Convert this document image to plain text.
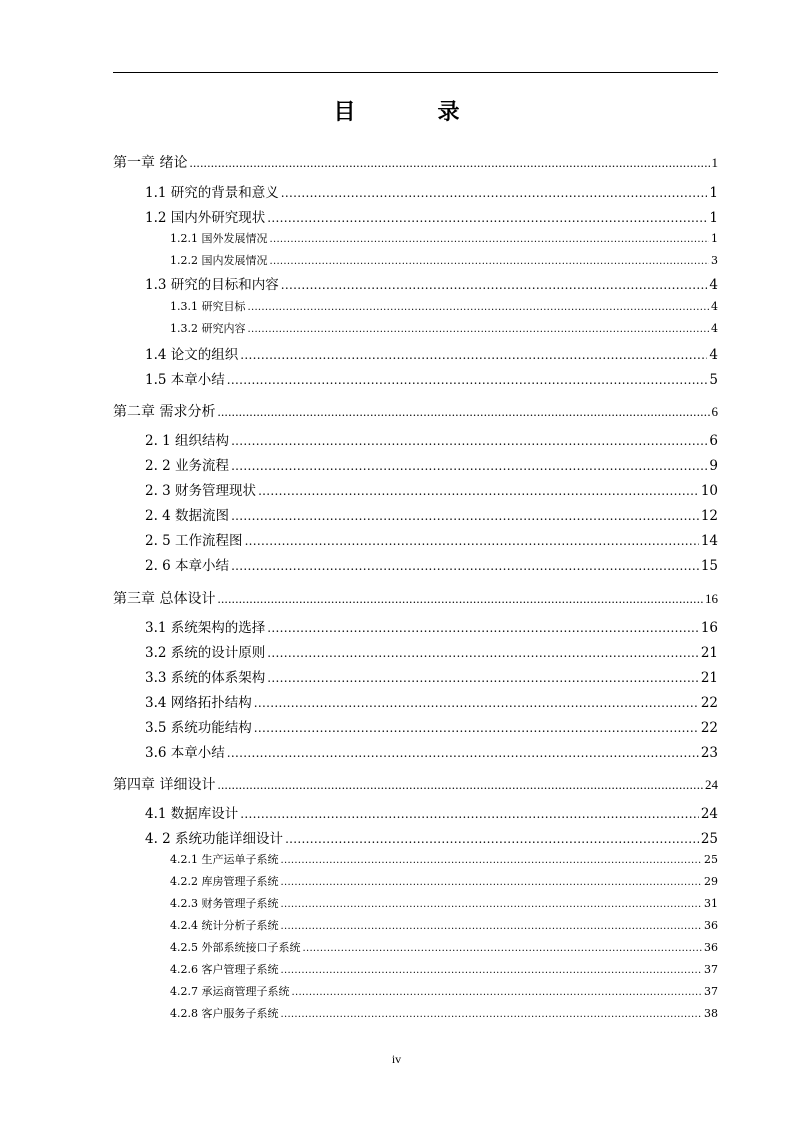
目　录
第一章 绪论 .....	1
1.1 研究的背景和意义 .....	1
1.2 国内外研究现状 .....	1
1.2.1 国外发展情况 .....	1
1.2.2 国内发展情况 .....	3
1.3 研究的目标和内容 .....	4
1.3.1 研究目标 .....	4
1.3.2 研究内容 .....	4
1.4 论文的组织 .....	4
1.5 本章小结 .....	5
第二章 需求分析 .....	6
2. 1 组织结构 .....	6
2. 2 业务流程 .....	9
2. 3 财务管理现状 .....	10
2. 4 数据流图 .....	12
2. 5 工作流程图 .....	14
2. 6 本章小结 .....	15
第三章 总体设计 .....	16
3.1 系统架构的选择 .....	16
3.2 系统的设计原则 .....	21
3.3 系统的体系架构 .....	21
3.4 网络拓扑结构 .....	22
3.5 系统功能结构 .....	22
3.6 本章小结 .....	23
第四章 详细设计 .....	24
4.1 数据库设计 .....	24
4. 2 系统功能详细设计 .....	25
4.2.1 生产运单子系统 .....	25
4.2.2 库房管理子系统 .....	29
4.2.3 财务管理子系统 .....	31
4.2.4 统计分析子系统 .....	36
4.2.5 外部系统接口子系统 .....	36
4.2.6 客户管理子系统 .....	37
4.2.7 承运商管理子系统 .....	37
4.2.8 客户服务子系统 .....	38
iv
